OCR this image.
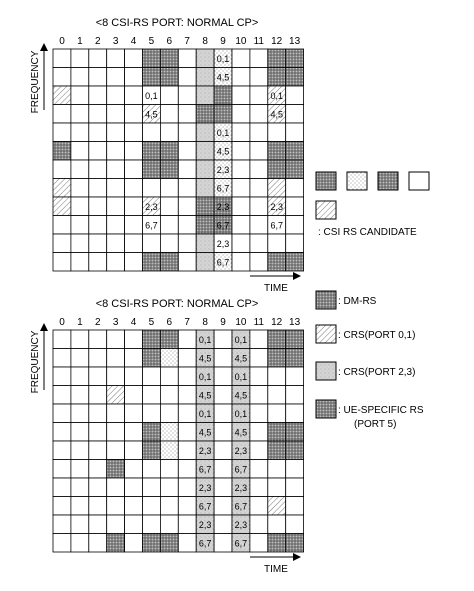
<8 CSI-RS PORT: NORMAL CP>
0 1 2 3 4 5 6 7 8 9 10 11 12 13
0,1
4,5
0,1	0,1
4,5	4,5
0,1
4,5
2,3
6,7
2,3	2,3	2,3
6,7	6,7	6,7
2,3
6,7
FREQUENCY
TIME
<8 CSI-RS PORT: NORMAL CP>
0 1 2 3 4 5 6 7 8 9 10 11 12 13
0,1	0,1
4,5	4,5
0,1	0,1
4,5	4,5
0,1	0,1
4,5	4,5
2,3	2,3
6,7	6,7
2,3	2,3
6,7	6,7
2,3	2,3
6,7	6,7
FREQUENCY
TIME
: CSI RS CANDIDATE
: DM-RS
: CRS(PORT 0,1)
: CRS(PORT 2,3)
: UE-SPECIFIC RS
(PORT 5)
